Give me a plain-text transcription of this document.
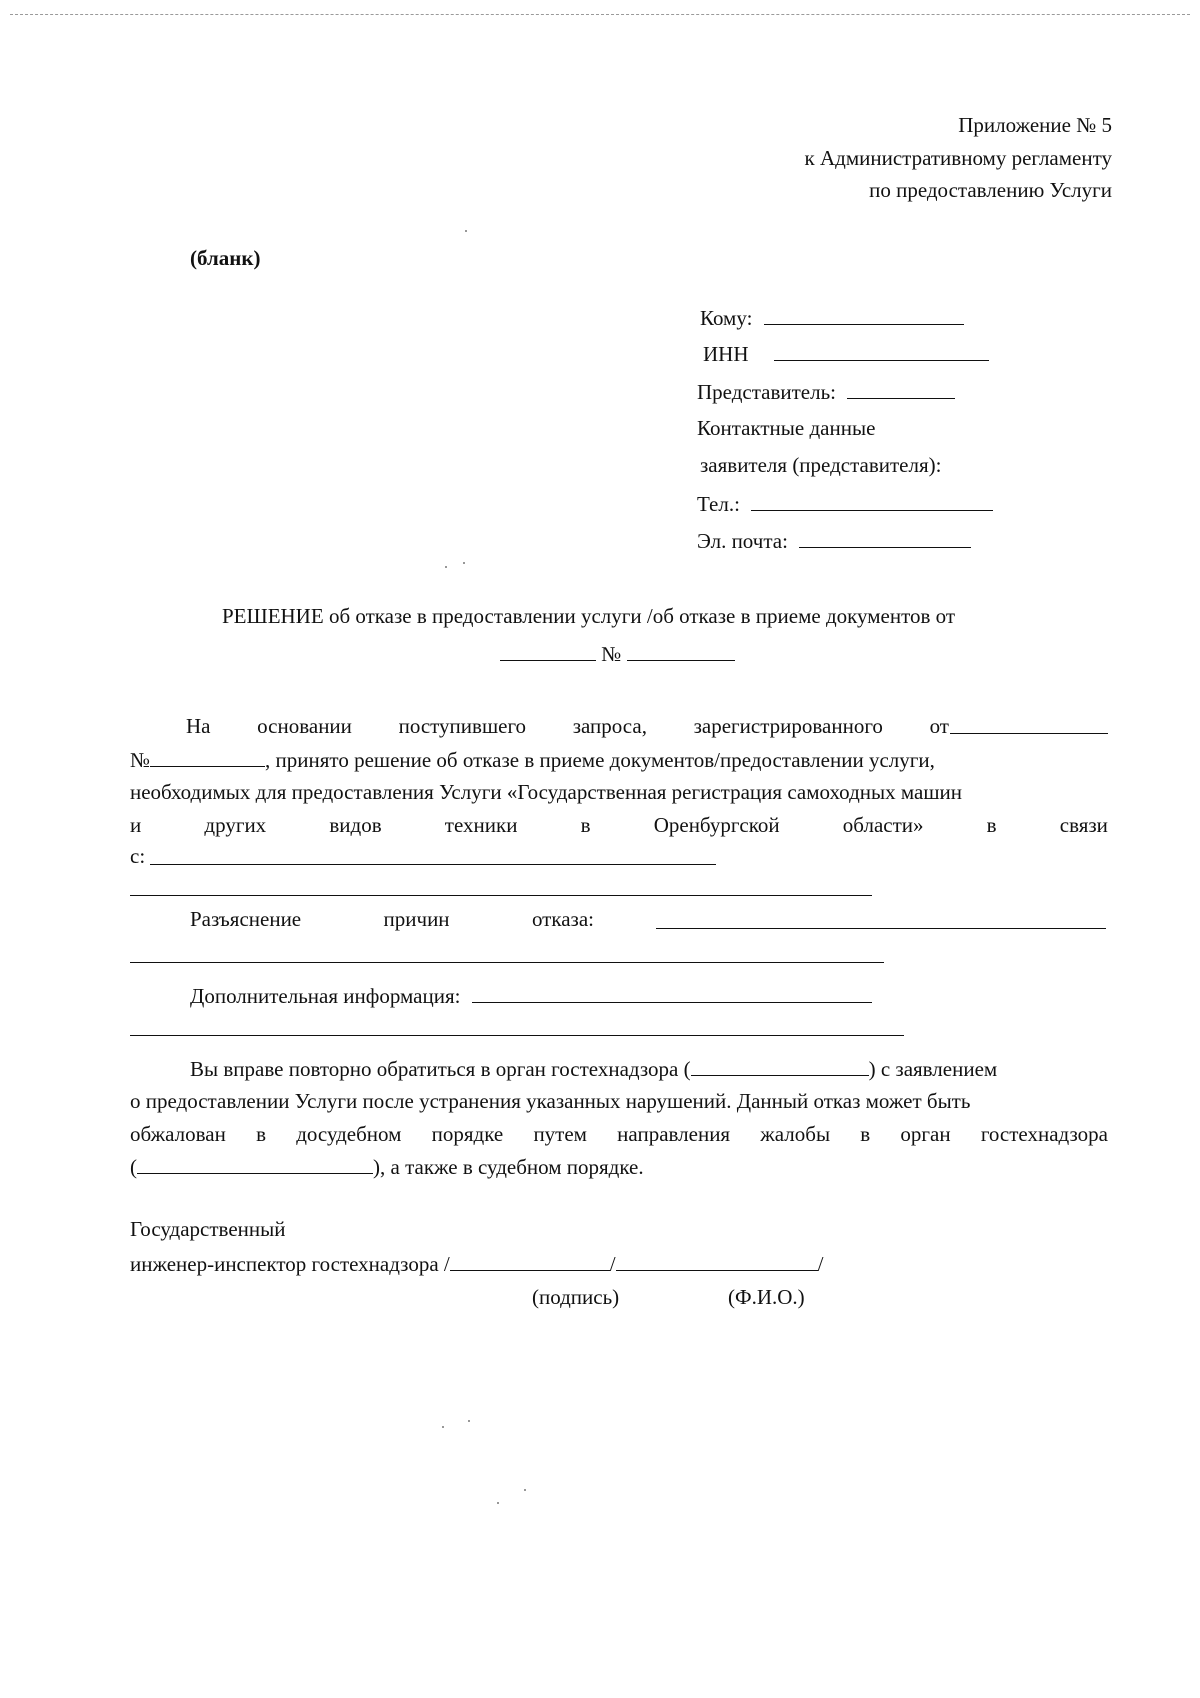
Приложение № 5
к Административному регламенту
по предоставлению Услуги
(бланк)
Кому:
ИНН
Представитель:
Контактные данные
заявителя (представителя):
Тел.:
Эл. почта:
РЕШЕНИЕ об отказе в предоставлении услуги /об отказе в приеме документов от
№
На основании поступившего запроса, зарегистрированного от
№	, принято решение об отказе в приеме документов/предоставлении услуги,
необходимых для предоставления Услуги «Государственная регистрация самоходных машин
и	других	видов	техники	в	Оренбургской	области»	в	связи
с:
Разъяснение	причин	отказа:
Дополнительная информация:
Вы вправе повторно обратиться в орган гостехнадзора (	) с заявлением
о предоставлении Услуги после устранения указанных нарушений. Данный отказ может быть
обжалован в досудебном порядке путем направления жалобы в орган гостехнадзора
(	), а также в судебном порядке.
Государственный
инженер-инспектор гостехнадзора /	/	/
(подпись)	(Ф.И.О.)
